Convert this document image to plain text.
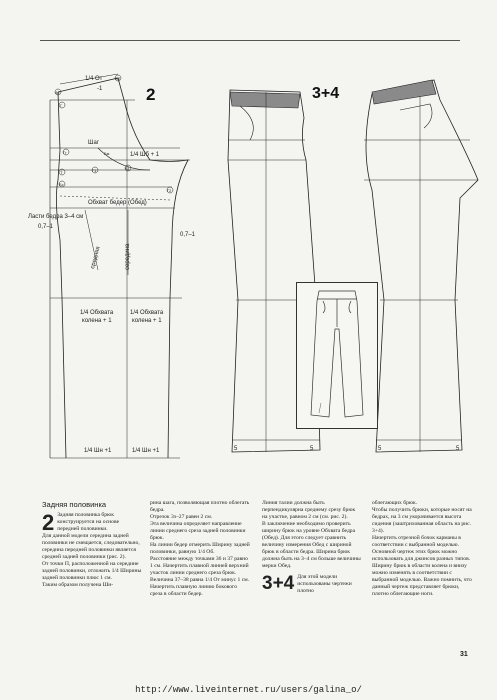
2	3+4
1/4 От
-1
Шаг
1/4 Шб + 1
Обхват бедер (Обед)
Ласти бедра 3–4 см
0,7–1
0,7–1
средняя	середина
1/4 Обхвата
колена + 1
1/4 Обхвата
колена + 1
1/4 Шн +1	1/4 Шн +1
46
Вб
Г
Гг
Г1
Т
Бс
Б1
Г2
Бм
5	5	5	5
Задняя половинка

2 Задняя половинка брюк конструируется на основе передней половинки.

Для данной модели середина задней половинки не смещается, следовательно, середина передней половинки является средней задней половинки (рис. 2).

От точки П, расположенной на середине задней половинки, отложить 1/4 Ширины задней половинки плюс 1 см.

Таким образом получена Ши-

рина шага, позволяющая плотно облегать бедра.

Отрезок 3з–27 равен 2 см.

Эта величина определяет направление линии среднего среза задней половинки брюк.

На линии бедер отмерить Ширину задней половинки, равную 1/4 Об.

Расстояние между точками 36 и 37 равно 1 см. Начертить плавной линией верхний участок линии среднего среза брюк.

Величина 37–38 равна 1/4 От минус 1 см. Начертить плавную линию бокового среза в области бедер.

Линия талии должна быть перпендикулярна среднему срезу брюк на участке, равном 2 см (см. рис. 2).

В заключение необходимо проверить ширину брюк на уровне Обхвата бедра (Обед). Для этого следует сравнить величину измерения Обед с шириной брюк в области бедра. Ширина брюк должна быть на 3–4 см больше величины мерки Обед.

3+4 Для этой модели использованы чертежи плотно

облегающих брюк.

Чтобы получить брюки, которые носят на бедрах, на 3 см укорачивается высота сидения (заштрихованная область на рис. 3+4).

Начертить отрезной бочок карманы в соответствии с выбранной моделью.

Основной чертеж этих брюк можно использовать для джинсов разных типов. Ширину брюк в области колена и внизу можно изменять в соответствии с выбранной моделью. Важно помнить, что данный чертеж представляет брюки, плотно облегающие ноги.

31
http://www.liveinternet.ru/users/galina_o/
